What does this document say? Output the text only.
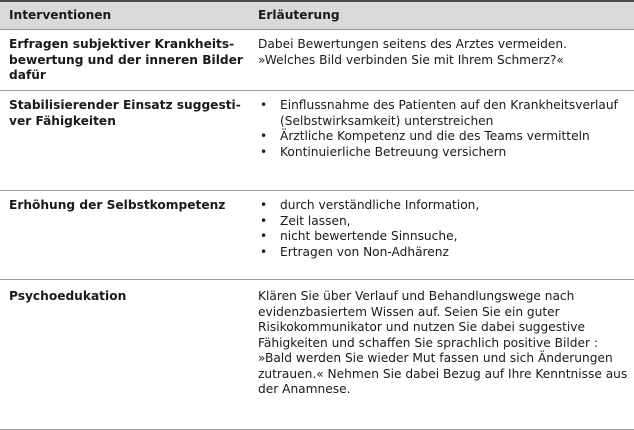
Interventionen	Erläuterung
Erfragen subjektiver Krankheitsbewertung und der inneren Bilder dafür
Dabei Bewertungen seitens des Arztes vermeiden.
»Welches Bild verbinden Sie mit Ihrem Schmerz?«
Stabilisierender Einsatz suggestiver Fähigkeiten
• Einflussnahme des Patienten auf den Krankheitsverlauf (Selbstwirksamkeit) unterstreichen
• Ärztliche Kompetenz und die des Teams vermitteln
• Kontinuierliche Betreuung versichern
Erhöhung der Selbstkompetenz
•	durch verständliche Information,
• Zeit lassen,
• nicht bewertende Sinnsuche,
• Ertragen von Non-Adhärenz
Psychoedukation	Klären Sie über Verlauf und Behandlungswege nach evidenzbasiertem Wissen auf. Seien Sie ein guter Risikokommunikator und nutzen Sie dabei suggestive Fähigkeiten und schaffen Sie sprachlich positive Bilder : »Bald werden Sie wieder Mut fassen und sich Änderungen zutrauen.« Nehmen Sie dabei Bezug auf Ihre Kenntnisse aus der Anamnese.
